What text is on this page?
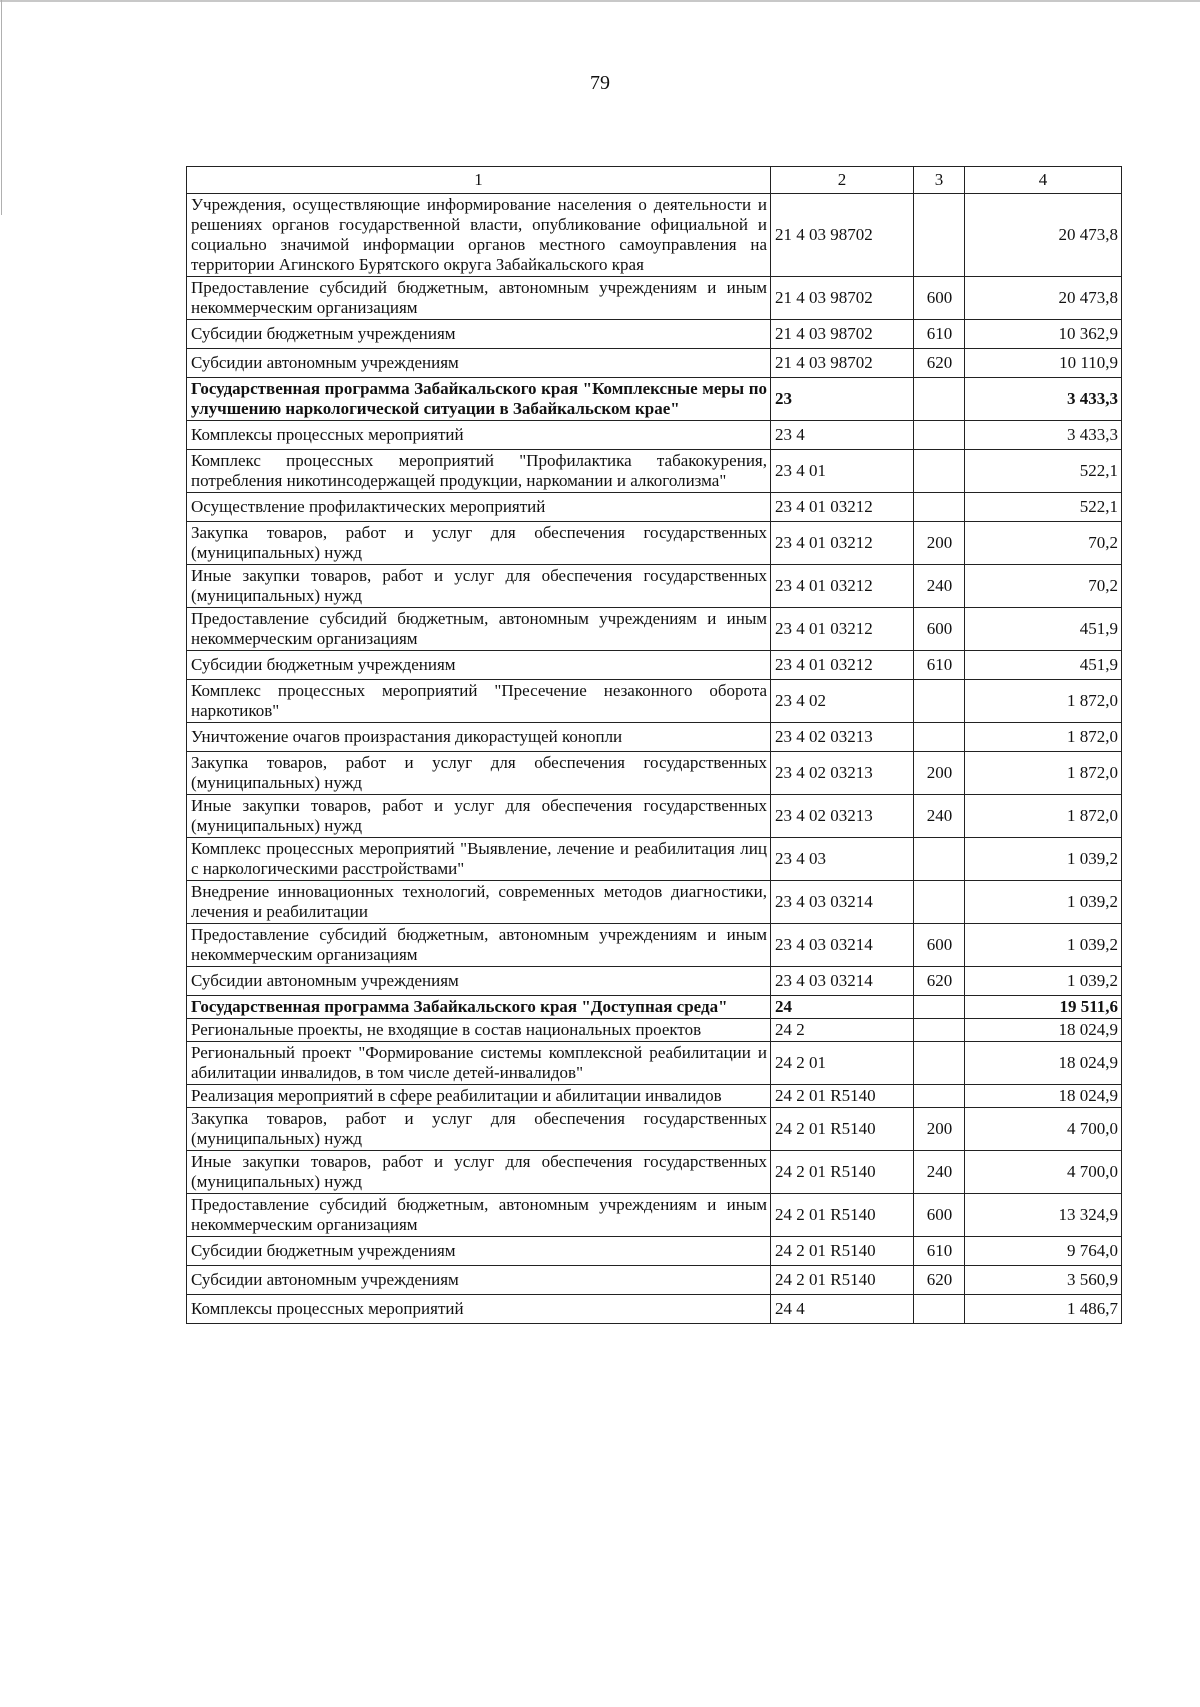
79
1	2	3	4
Учреждения, осуществляющие информирование населения о деятельности и решениях органов государственной власти, опубликование официальной и социально значимой информации органов местного самоуправления на территории Агинского Бурятского округа Забайкальского края	21 4 03 98702		20 473,8
Предоставление субсидий бюджетным, автономным учреждениям и иным некоммерческим организациям	21 4 03 98702	600	20 473,8
Субсидии бюджетным учреждениям	21 4 03 98702	610	10 362,9
Субсидии автономным учреждениям	21 4 03 98702	620	10 110,9
Государственная программа Забайкальского края "Комплексные меры по улучшению наркологической ситуации в Забайкальском крае"	23		3 433,3
Комплексы процессных мероприятий	23 4		3 433,3
Комплекс процессных мероприятий "Профилактика табакокурения, потребления никотинсодержащей продукции, наркомании и алкоголизма"	23 4 01		522,1
Осуществление профилактических мероприятий	23 4 01 03212		522,1
Закупка товаров, работ и услуг для обеспечения государственных (муниципальных) нужд	23 4 01 03212	200	70,2
Иные закупки товаров, работ и услуг для обеспечения государственных (муниципальных) нужд	23 4 01 03212	240	70,2
Предоставление субсидий бюджетным, автономным учреждениям и иным некоммерческим организациям	23 4 01 03212	600	451,9
Субсидии бюджетным учреждениям	23 4 01 03212	610	451,9
Комплекс процессных мероприятий "Пресечение незаконного оборота наркотиков"	23 4 02		1 872,0
Уничтожение очагов произрастания дикорастущей конопли	23 4 02 03213		1 872,0
Закупка товаров, работ и услуг для обеспечения государственных (муниципальных) нужд	23 4 02 03213	200	1 872,0
Иные закупки товаров, работ и услуг для обеспечения государственных (муниципальных) нужд	23 4 02 03213	240	1 872,0
Комплекс процессных мероприятий "Выявление, лечение и реабилитация лиц с наркологическими расстройствами"	23 4 03		1 039,2
Внедрение инновационных технологий, современных методов диагностики, лечения и реабилитации	23 4 03 03214		1 039,2
Предоставление субсидий бюджетным, автономным учреждениям и иным некоммерческим организациям	23 4 03 03214	600	1 039,2
Субсидии автономным учреждениям	23 4 03 03214	620	1 039,2
Государственная программа Забайкальского края "Доступная среда"	24		19 511,6
Региональные проекты, не входящие в состав национальных проектов	24 2		18 024,9
Региональный проект "Формирование системы комплексной реабилитации и абилитации инвалидов, в том числе детей-инвалидов"	24 2 01		18 024,9
Реализация мероприятий в сфере реабилитации и абилитации инвалидов	24 2 01 R5140		18 024,9
Закупка товаров, работ и услуг для обеспечения государственных (муниципальных) нужд	24 2 01 R5140	200	4 700,0
Иные закупки товаров, работ и услуг для обеспечения государственных (муниципальных) нужд	24 2 01 R5140	240	4 700,0
Предоставление субсидий бюджетным, автономным учреждениям и иным некоммерческим организациям	24 2 01 R5140	600	13 324,9
Субсидии бюджетным учреждениям	24 2 01 R5140	610	9 764,0
Субсидии автономным учреждениям	24 2 01 R5140	620	3 560,9
Комплексы процессных мероприятий	24 4		1 486,7
